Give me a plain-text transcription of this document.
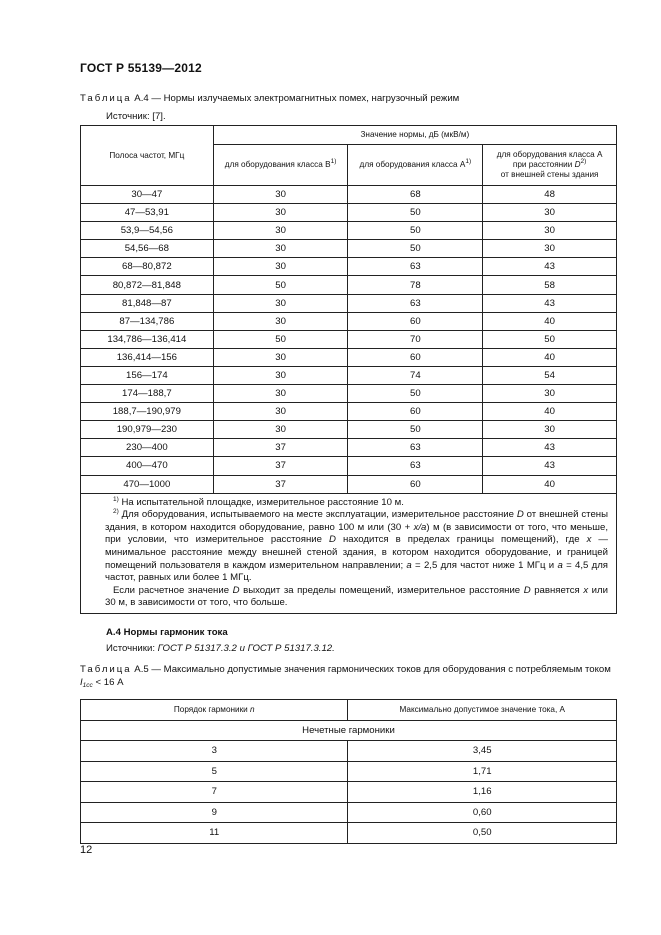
ГОСТ Р 55139—2012
Таблица А.4 — Нормы излучаемых электромагнитных помех, нагрузочный режим
Источник: [7].
Полоса частот, МГц	Значение нормы, дБ (мкВ/м)		
	для оборудования класса $В^{1)}$	для оборудования класса $А^{1)}$	для оборудования класса А
при расстоянии $D^{2)}$
от внешней стены здания

30—47	30	68	48
47—53,91	30	50	30
53,9—54,56	30	50	30
54,56—68	30	50	30
68—80,872	30	63	43
80,872—81,848	50	78	58
81,848—87	30	63	43
87—134,786	30	60	40
134,786—136,414	50	70	50
136,414—156	30	60	40
156—174	30	74	54
174—188,7	30	50	30
188,7—190,979	30	60	40
190,979—230	30	50	30
230—400	37	63	43
400—470	37	63	43
470—1000	37	60	40

$^{1)}$ На испытательной площадке, измерительное расстояние 10 м.

$^{2)}$ Для оборудования, испытываемого на месте эксплуатации, измерительное расстояние D от внешней стены здания, в котором находится оборудование, равно 100 м или (30 + x/a) м (в зависимости от того, что меньше, при условии, что измерительное расстояние D находится в пределах границы помещений), где x — минимальное расстояние между внешней стеной здания, в котором находится оборудование, и границей помещений пользователя в каждом измерительном направлении; a = 2,5 для частот ниже 1 МГц и a = 4,5 для частот, равных или более 1 МГц.

Если расчетное значение D выходит за пределы помещений, измерительное расстояние D равняется x или 30 м, в зависимости от того, что больше.			

А.4 Нормы гармоник тока
Источники: ГОСТ Р 51317.3.2 и ГОСТ Р 51317.3.12.
Таблица А.5 — Максимально допустимые значения гармонических токов для оборудования с потребляемым током $I_{1cc} < 16$ А
Порядок гармоники n	Максимально допустимое значение тока, А
Нечетные гармоники	
3	3,45
5	1,71
7	1,16
9	0,60
11	0,50
12
